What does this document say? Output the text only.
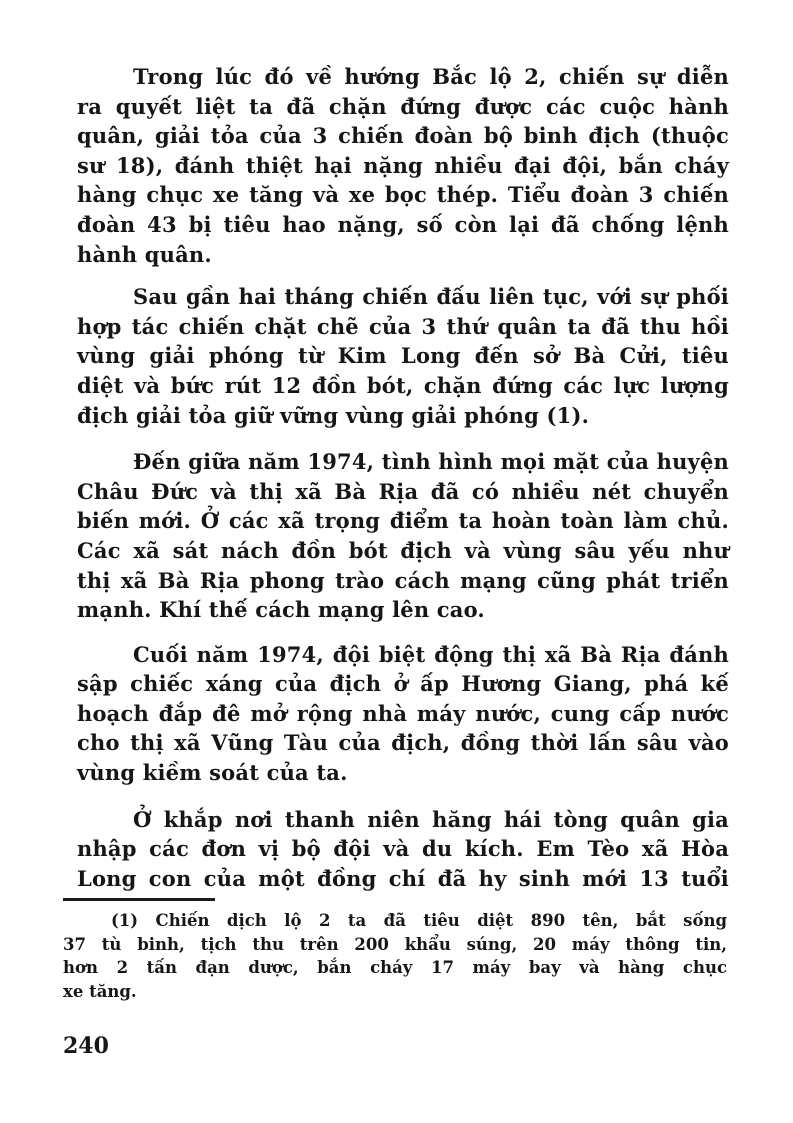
Trong lúc đó về hướng Bắc lộ 2, chiến sự diễn
ra quyết liệt ta đã chặn đứng được các cuộc hành
quân, giải tỏa của 3 chiến đoàn bộ binh địch (thuộc
sư 18), đánh thiệt hại nặng nhiều đại đội, bắn cháy
hàng chục xe tăng và xe bọc thép. Tiểu đoàn 3 chiến
đoàn 43 bị tiêu hao nặng, số còn lại đã chống lệnh
hành quân.
Sau gần hai tháng chiến đấu liên tục, với sự phối
hợp tác chiến chặt chẽ của 3 thứ quân ta đã thu hồi
vùng giải phóng từ Kim Long đến sở Bà Cửi, tiêu
diệt và bức rút 12 đồn bót, chặn đứng các lực lượng
địch giải tỏa giữ vững vùng giải phóng (1).
Đến giữa năm 1974, tình hình mọi mặt của huyện
Châu Đức và thị xã Bà Rịa đã có nhiều nét chuyển
biến mới. Ở các xã trọng điểm ta hoàn toàn làm chủ.
Các xã sát nách đồn bót địch và vùng sâu yếu như
thị xã Bà Rịa phong trào cách mạng cũng phát triển
mạnh. Khí thế cách mạng lên cao.
Cuối năm 1974, đội biệt động thị xã Bà Rịa đánh
sập chiếc xáng của địch ở ấp Hương Giang, phá kế
hoạch đắp đê mở rộng nhà máy nước, cung cấp nước
cho thị xã Vũng Tàu của địch, đồng thời lấn sâu vào
vùng kiềm soát của ta.
Ở khắp nơi thanh niên hăng hái tòng quân gia
nhập các đơn vị bộ đội và du kích. Em Tèo xã Hòa
Long con của một đồng chí đã hy sinh mới 13 tuổi
(1) Chiến dịch lộ 2 ta đã tiêu diệt 890 tên, bắt sống
37 tù binh, tịch thu trên 200 khẩu súng, 20 máy thông tin,
hơn 2 tấn đạn dược, bắn cháy 17 máy bay và hàng chục
xe tăng.
240
